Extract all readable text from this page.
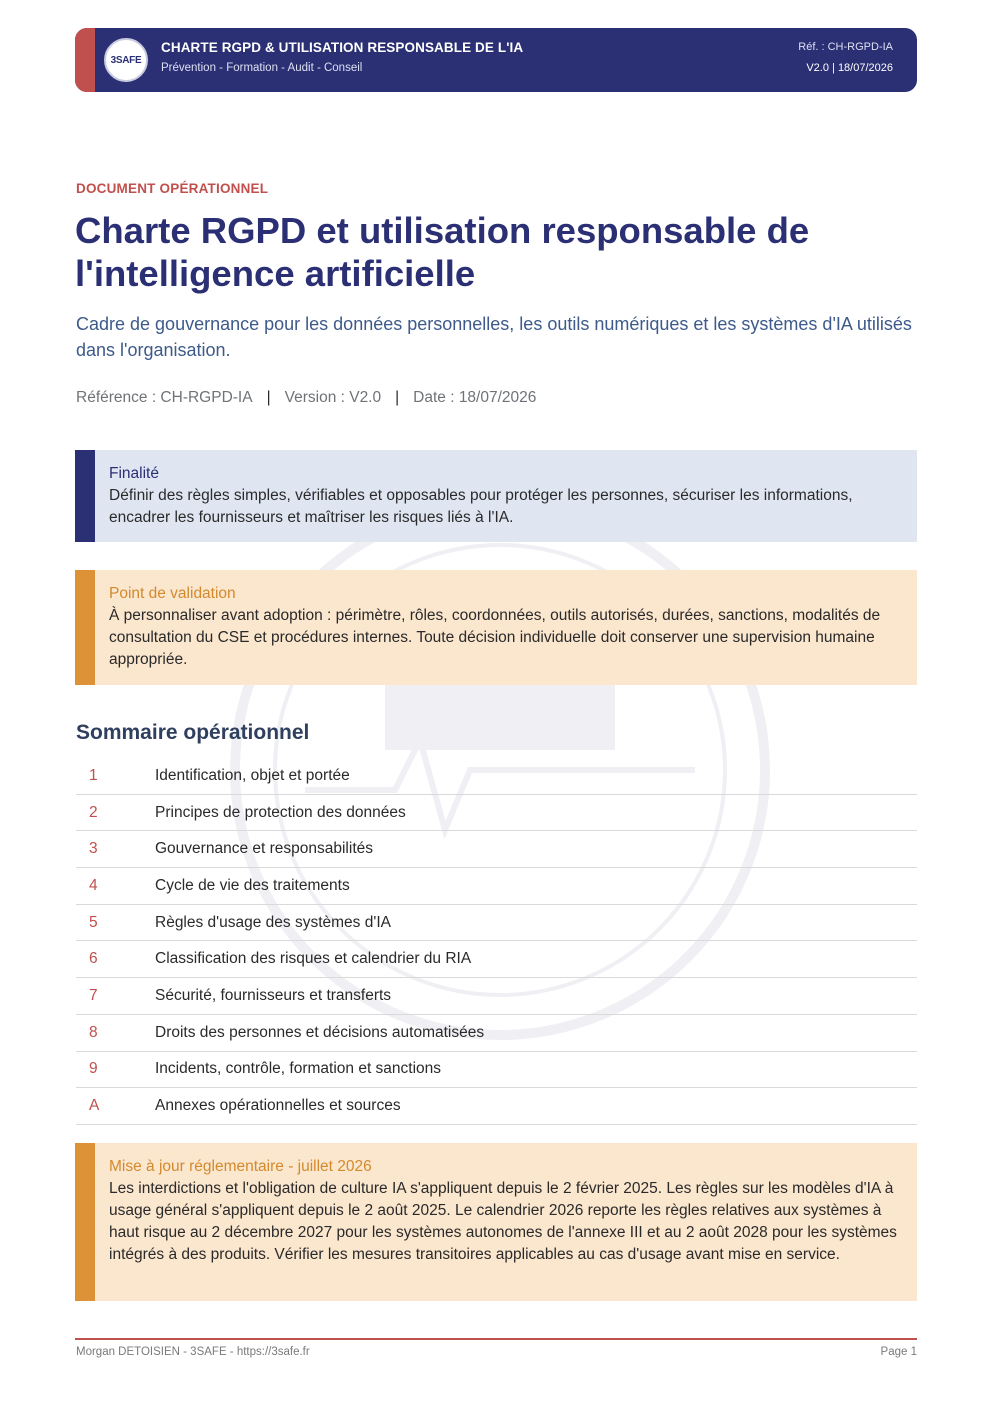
3SAFE
CHARTE RGPD & UTILISATION RESPONSABLE DE L'IA
Prévention - Formation - Audit - Conseil
Réf. : CH-RGPD-IA
V2.0 | 18/07/2026
DOCUMENT OPÉRATIONNEL
Charte RGPD et utilisation responsable de l'intelligence artificielle

Cadre de gouvernance pour les données personnelles, les outils numériques et les systèmes d'IA utilisés dans l'organisation.

Référence : CH-RGPD-IA | Version : V2.0 | Date : 18/07/2026
Finalité
Définir des règles simples, vérifiables et opposables pour protéger les personnes, sécuriser les informations, encadrer les fournisseurs et maîtriser les risques liés à l'IA.
Point de validation
À personnaliser avant adoption : périmètre, rôles, coordonnées, outils autorisés, durées, sanctions, modalités de consultation du CSE et procédures internes. Toute décision individuelle doit conserver une supervision humaine appropriée.
Sommaire opérationnel
1	Identification, objet et portée
2	Principes de protection des données
3	Gouvernance et responsabilités
4	Cycle de vie des traitements
5	Règles d'usage des systèmes d'IA
6	Classification des risques et calendrier du RIA
7	Sécurité, fournisseurs et transferts
8	Droits des personnes et décisions automatisées
9	Incidents, contrôle, formation et sanctions
A	Annexes opérationnelles et sources
Mise à jour réglementaire - juillet 2026
Les interdictions et l'obligation de culture IA s'appliquent depuis le 2 février 2025. Les règles sur les modèles d'IA à usage général s'appliquent depuis le 2 août 2025. Le calendrier 2026 reporte les règles relatives aux systèmes à haut risque au 2 décembre 2027 pour les systèmes autonomes de l'annexe III et au 2 août 2028 pour les systèmes intégrés à des produits. Vérifier les mesures transitoires applicables au cas d'usage avant mise en service.
Morgan DETOISIEN - 3SAFE - https://3safe.fr	Page 1
